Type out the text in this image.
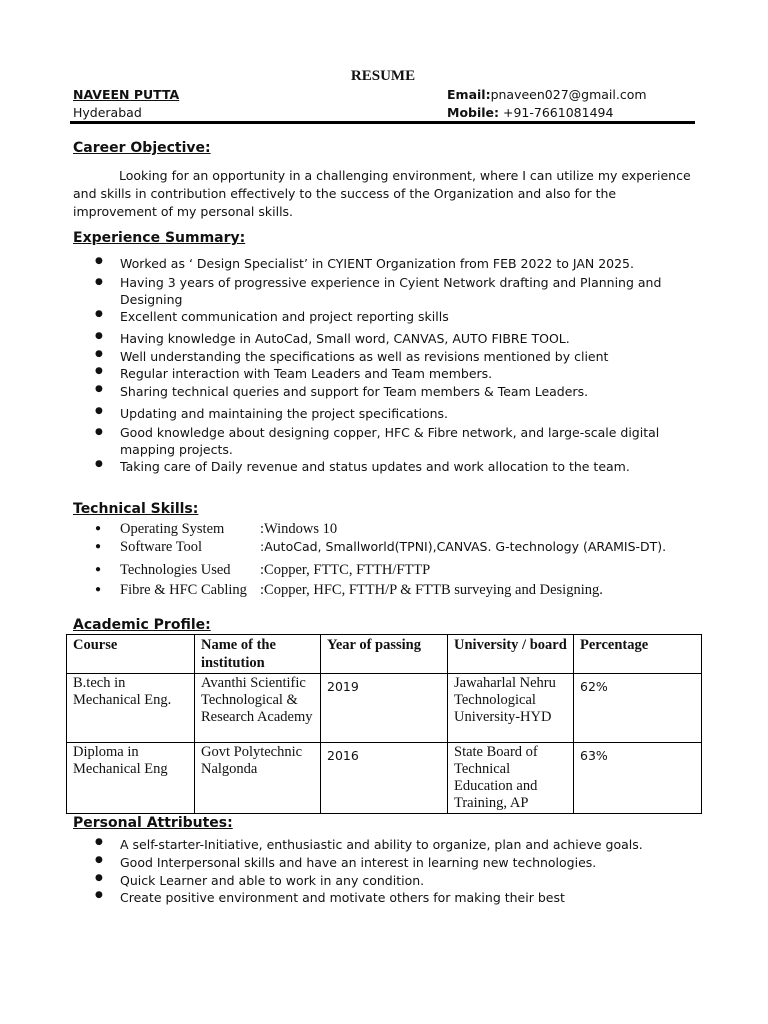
RESUME
NAVEEN PUTTA
Hyderabad
Email:pnaveen027@gmail.com
Mobile: +91-7661081494
Career Objective:
Looking for an opportunity in a challenging environment, where I can utilize my experience and skills in contribution effectively to the success of the Organization and also for the improvement of my personal skills.
Experience Summary:
● Worked as ‘ Design Specialist’ in CYIENT Organization from FEB 2022 to JAN 2025.
● Having 3 years of progressive experience in Cyient Network drafting and Planning and Designing
● Excellent communication and project reporting skills
● Having knowledge in AutoCad, Small word, CANVAS, AUTO FIBRE TOOL.
● Well understanding the specifications as well as revisions mentioned by client
● Regular interaction with Team Leaders and Team members.
● Sharing technical queries and support for Team members & Team Leaders.
● Updating and maintaining the project specifications.
● Good knowledge about designing copper, HFC & Fibre network, and large-scale digital mapping projects.
● Taking care of Daily revenue and status updates and work allocation to the team.
Technical Skills:
● Operating System :Windows 10
● Software Tool	:AutoCad, Smallworld(TPNI),CANVAS. G-technology (ARAMIS-DT).
● Technologies Used :Copper, FTTC, FTTH/FTTP
● Fibre & HFC Cabling :Copper, HFC, FTTH/P & FTTB surveying and Designing.
Academic Profile:
Course	Name of the institution	Year of passing	University / board	Percentage
B.tech in Mechanical Eng.	Avanthi Scientific Technological & Research Academy	2019	Jawaharlal Nehru Technological University-HYD	62%
Diploma in Mechanical Eng	Govt Polytechnic Nalgonda	2016	State Board of Technical Education and Training, AP	63%
Personal Attributes:
● A self-starter-Initiative, enthusiastic and ability to organize, plan and achieve goals.
● Good Interpersonal skills and have an interest in learning new technologies.
● Quick Learner and able to work in any condition.
● Create positive environment and motivate others for making their best
